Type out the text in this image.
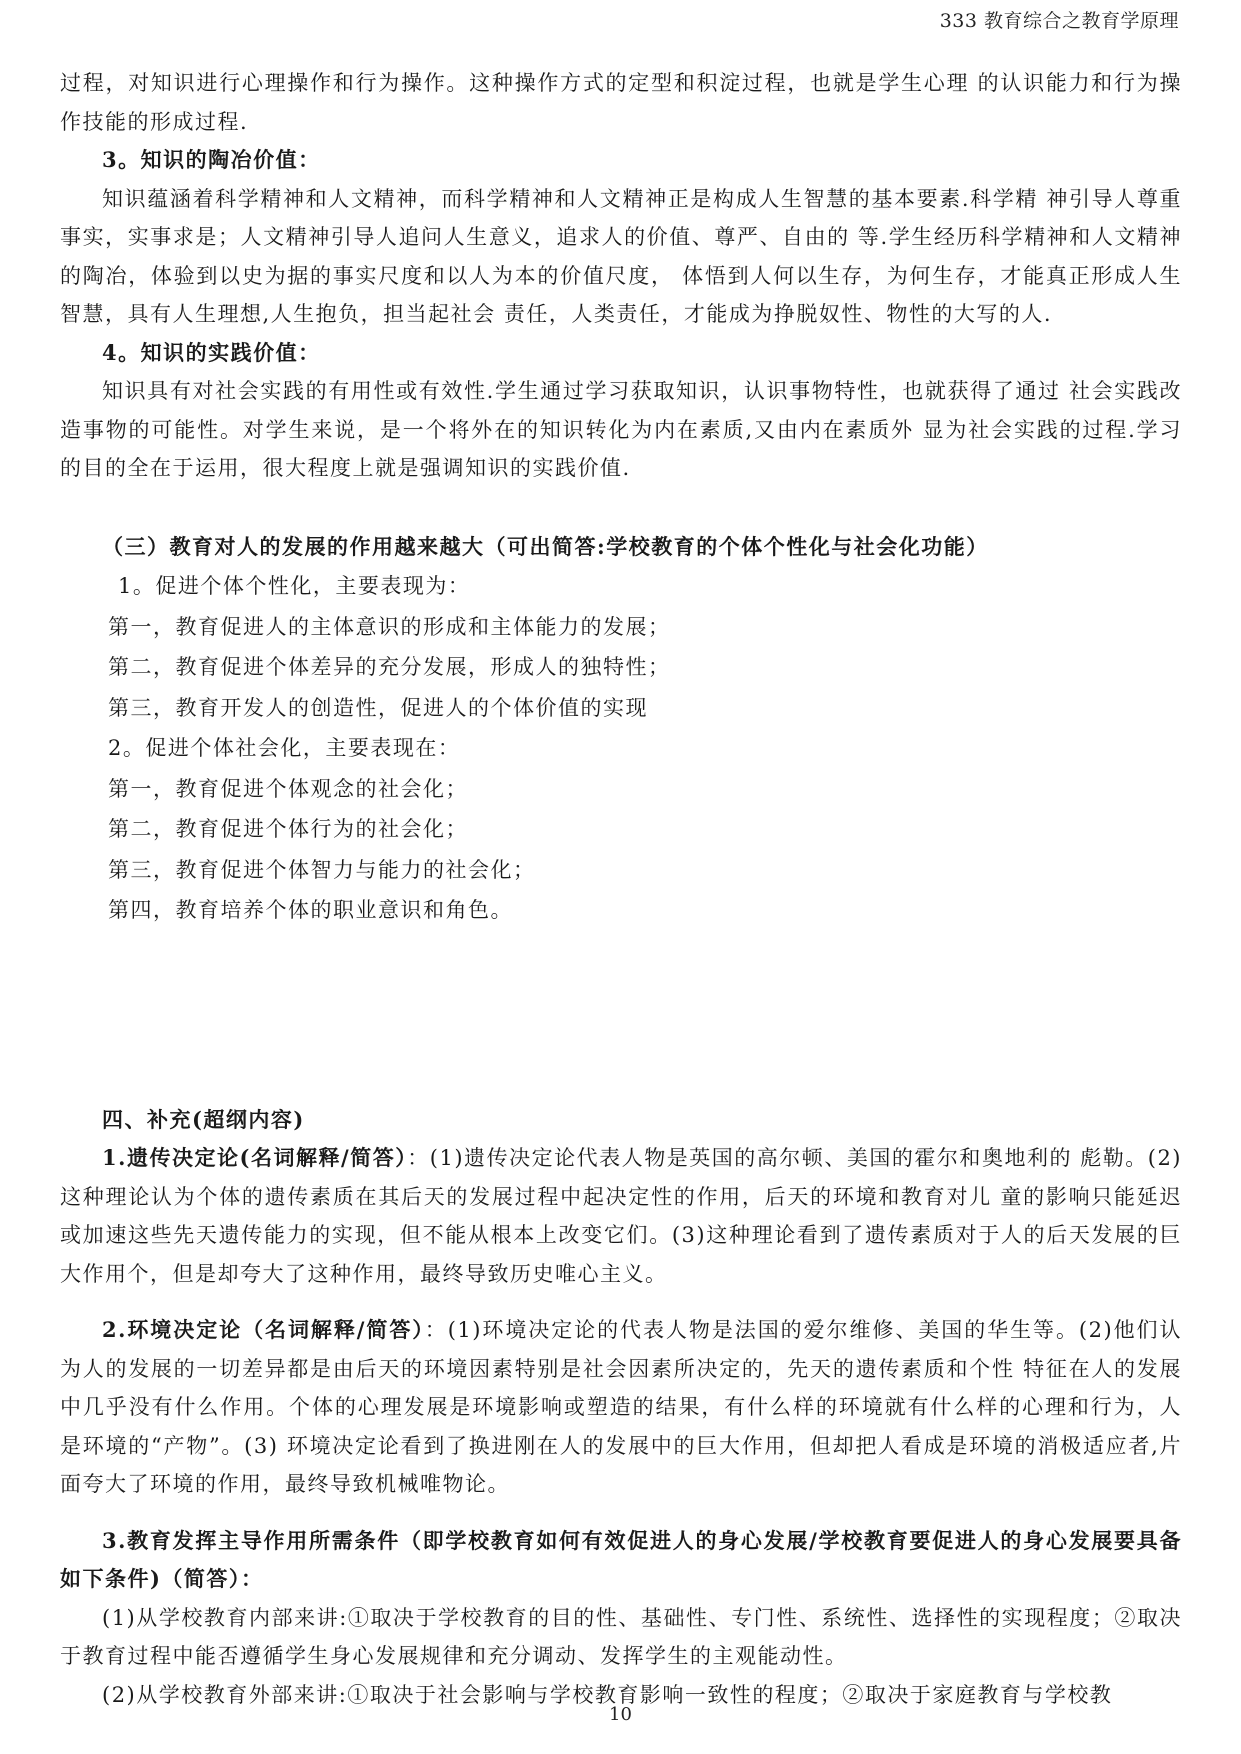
333 教育综合之教育学原理

过程，对知识进行心理操作和行为操作。这种操作方式的定型和积淀过程，也就是学生心理 的认识能力和行为操作技能的形成过程.

3。知识的陶冶价值：

知识蕴涵着科学精神和人文精神，而科学精神和人文精神正是构成人生智慧的基本要素.科学精 神引导人尊重事实，实事求是；人文精神引导人追问人生意义，追求人的价值、尊严、自由的 等.学生经历科学精神和人文精神的陶冶，体验到以史为据的事实尺度和以人为本的价值尺度， 体悟到人何以生存，为何生存，才能真正形成人生智慧，具有人生理想,人生抱负，担当起社会 责任，人类责任，才能成为挣脱奴性、物性的大写的人.

4。知识的实践价值：

知识具有对社会实践的有用性或有效性.学生通过学习获取知识，认识事物特性，也就获得了通过 社会实践改造事物的可能性。对学生来说，是一个将外在的知识转化为内在素质,又由内在素质外 显为社会实践的过程.学习的目的全在于运用，很大程度上就是强调知识的实践价值.

（三）教育对人的发展的作用越来越大（可出简答:学校教育的个体个性化与社会化功能）
1。促进个体个性化，主要表现为：
第一，教育促进人的主体意识的形成和主体能力的发展；
第二，教育促进个体差异的充分发展，形成人的独特性；
第三，教育开发人的创造性，促进人的个体价值的实现
2。促进个体社会化，主要表现在：
第一，教育促进个体观念的社会化；
第二，教育促进个体行为的社会化；
第三，教育促进个体智力与能力的社会化；
第四，教育培养个体的职业意识和角色。
四、补充(超纲内容)

1.遗传决定论(名词解释/简答）：(1)遗传决定论代表人物是英国的高尔顿、美国的霍尔和奥地利的 彪勒。(2)这种理论认为个体的遗传素质在其后天的发展过程中起决定性的作用，后天的环境和教育对儿 童的影响只能延迟或加速这些先天遗传能力的实现，但不能从根本上改变它们。(3)这种理论看到了遗传素质对于人的后天发展的巨大作用个，但是却夸大了这种作用，最终导致历史唯心主义。

2.环境决定论（名词解释/简答）：(1)环境决定论的代表人物是法国的爱尔维修、美国的华生等。(2)他们认为人的发展的一切差异都是由后天的环境因素特别是社会因素所决定的，先天的遗传素质和个性 特征在人的发展中几乎没有什么作用。个体的心理发展是环境影响或塑造的结果，有什么样的环境就有什么样的心理和行为，人是环境的“产物”。(3) 环境决定论看到了换进刚在人的发展中的巨大作用，但却把人看成是环境的消极适应者,片面夸大了环境的作用，最终导致机械唯物论。

3.教育发挥主导作用所需条件（即学校教育如何有效促进人的身心发展/学校教育要促进人的身心发展要具备如下条件)（简答）：

(1)从学校教育内部来讲:①取决于学校教育的目的性、基础性、专门性、系统性、选择性的实现程度；②取决于教育过程中能否遵循学生身心发展规律和充分调动、发挥学生的主观能动性。

(2)从学校教育外部来讲:①取决于社会影响与学校教育影响一致性的程度；②取决于家庭教育与学校教

10
